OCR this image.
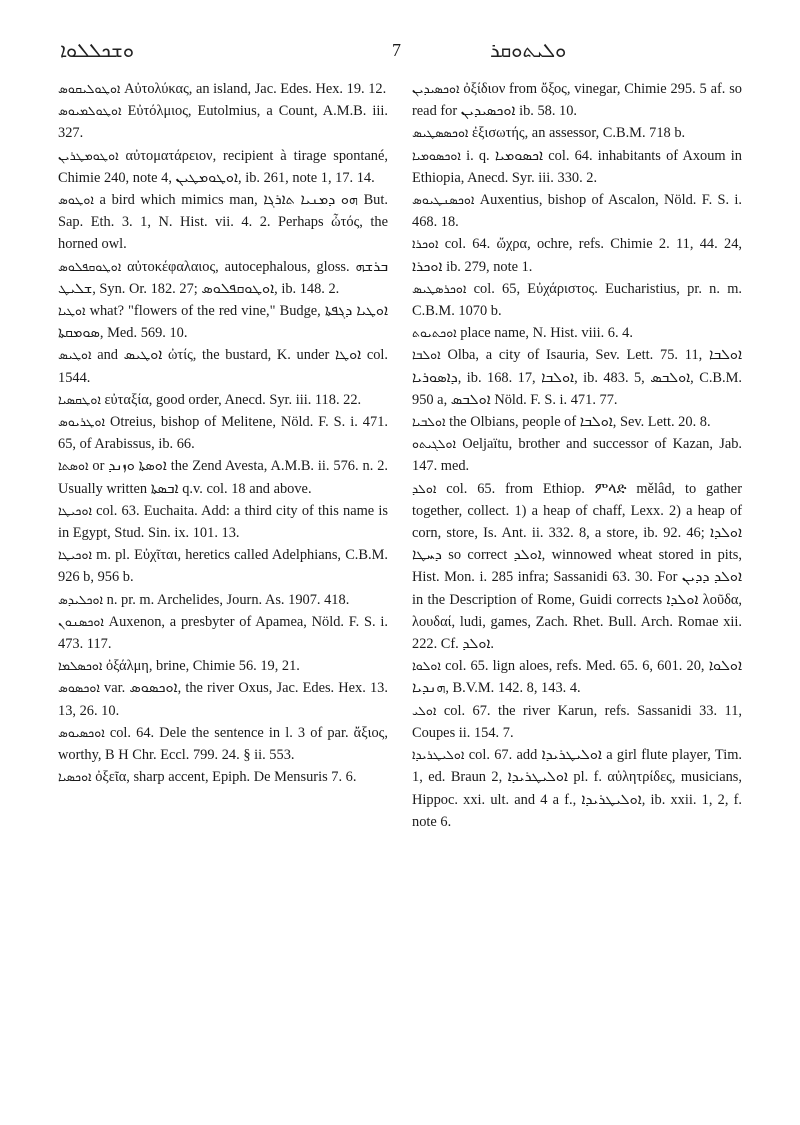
ܘܫܟܠܠܘܐ	7	ܘܠܝܬܘܩܪ

ܐܘܛܘܠܝܩܘܣ Αὐτολύκας, an island, Jac. Edes. Hex. 19. 12.

ܐܘܛܘܠܡܝܘܣ Εὐτόλμιος, Eutolmius, a Count, A.M.B. iii. 327.

ܐܘܛܘܡܛܪܝܢ αὐτοματάρειον, recipient à tirage spontané, Chimie 240, note 4, ܐܘܛܘܡܛܝܢ, ib. 261, note 1, 17. 14.

ܐܘܛܘܣ a bird which mimics man, ܗܘ ܕܡܢܝܐ ܬܐܪܓܐ But. Sap. Eth. 3. 1, N. Hist. vii. 4. 2. Perhaps ὦτός, the horned owl.

ܐܘܛܘܩܦܠܘܣ αὐτοκέφαλαιος, autocephalous, gloss. ܒܪܫܗ ܫܠܝܛ, Syn. Or. 182. 27; ܐܘܛܘܩܦܠܘܣ, ib. 148. 2.

ܐܘܛܝܐ what? "flowers of the red vine," Budge, ܐܘܛܝܐ ܕܓܦܬܐ ܣܘܡܩܬܐ, Med. 569. 10.

ܐܘܛܝܣ and ܐܘܛܝܣ ὠτίς, the bustard, K. under ܐܘܛܐ col. 1544.

ܐܘܛܩܣܝܐ εὐταξία, good order, Anecd. Syr. iii. 118. 22.

ܐܘܛܪܝܘܣ Otreius, bishop of Melitene, Nöld. F. S. i. 471. 65, of Arabissus, ib. 66.

ܐܘܣܬܐ or ܐܘܣܬܐ ܘܙܢܕ the Zend Avesta, A.M.B. ii. 576. n. 2. Usually written ܐܒܣܬܐ q.v. col. 18 and above.

ܐܘܟܝܛܐ col. 63. Euchaita. Add: a third city of this name is in Egypt, Stud. Sin. ix. 101. 13.

ܐܘܟܝܛܐ m. pl. Εὐχῖται, heretics called Adelphians, C.B.M. 926 b, 956 b.

ܐܘܟܠܝܕܣ n. pr. m. Archelides, Journ. As. 1907. 418.

ܐܘܟܣܢܘܢ Auxenon, a presbyter of Apamea, Nöld. F. S. i. 473. 117.

ܐܘܟܣܠܡܐ ὀξάλμη, brine, Chimie 56. 19, 21.

ܐܘܟܣܘܣ var. ܐܘܟܣܘܣ, the river Oxus, Jac. Edes. Hex. 13. 13, 26. 10.

ܐܘܟܣܝܘܣ col. 64. Dele the sentence in l. 3 of par. ἄξιος, worthy, B H Chr. Eccl. 799. 24. § ii. 553.

ܐܘܟܣܝܐ ὀξεῖα, sharp accent, Epiph. De Mensuris 7. 6.

ܐܘܟܣܝܕܝܢ ὀξίδιον from ὄξος, vinegar, Chimie 295. 5 af. so read for ܐܘܟܣܝܕܝܢ ib. 58. 10.

ܐܘܟܣܣܛܝܣ ἐξισωτής, an assessor, C.B.M. 718 b.

ܐܘܟܣܘܡܝܐ i. q. ܐܟܣܘܡܝܐ col. 64. inhabitants of Axoum in Ethiopia, Anecd. Syr. iii. 330. 2.

ܐܘܟܣܢܛܝܘܣ Auxentius, bishop of Ascalon, Nöld. F. S. i. 468. 18.

ܐܘܟܪܐ col. 64. ὤχρα, ochre, refs. Chimie 2. 11, 44. 24, ܐܘܟܪܐ ib. 279, note 1.

ܐܘܟܪܣܛܝܣ col. 65, Εὐχάριστος. Eucharistius, pr. n. m. C.B.M. 1070 b.

ܐܘܟܬܝܘܬ place name, N. Hist. viii. 6. 4.

ܐܘܠܒܐ Olba, a city of Isauria, Sev. Lett. 75. 11, ܐܘܠܒܐ ܕܐܣܘܪܝܐ, ib. 168. 17, ܐܘܠܒܐ, ib. 483. 5, ܐܘܠܒܣ, C.B.M. 950 a, ܐܘܠܒܣ Nöld. F. S. i. 471. 77.

ܐܘܠܒܝܐ the Olbians, people of ܐܘܠܒܐ, Sev. Lett. 20. 8.

ܐܘܠܓܝܬܘ Oeljaïtu, brother and successor of Kazan, Jab. 147. med.

ܐܘܠܕ col. 65. from Ethiop. ምላድ mělâd, to gather together, collect. 1) a heap of chaff, Lexx. 2) a heap of corn, store, Is. Ant. ii. 332. 8, a store, ib. 92. 46; ܐܘܠܕܐ ܕܚܛܐ so correct ܐܘܠܕ, winnowed wheat stored in pits, Hist. Mon. i. 285 infra; Sassanidi 63. 30. For ܐܘܠܕ ܕܕܝܢ in the Description of Rome, Guidi corrects ܐܘܠܕܐ λοῦδα, λουδαί, ludi, games, Zach. Rhet. Bull. Arch. Romae xii. 222. Cf. ܐܘܠܕ.

ܐܘܠܘܐ col. 65. lign aloes, refs. Med. 65. 6, 601. 20, ܐܘܠܘܐ ܗܢܕܝܐ, B.V.M. 142. 8, 143. 4.

ܐܘܠܝ col. 67. the river Karun, refs. Sassanidi 33. 11, Coupes ii. 154. 7.

ܐܘܠܝܛܪܝܕܐ col. 67. add ܐܘܠܝܛܪܝܕܐ a girl flute player, Tim. 1, ed. Braun 2, ܐܘܠܝܛܪܝܕܐ pl. f. αὐλητρίδες, musicians, Hippoc. xxi. ult. and 4 a f., ܐܘܠܝܛܪܝܕܐ, ib. xxii. 1, 2, f. note 6.
